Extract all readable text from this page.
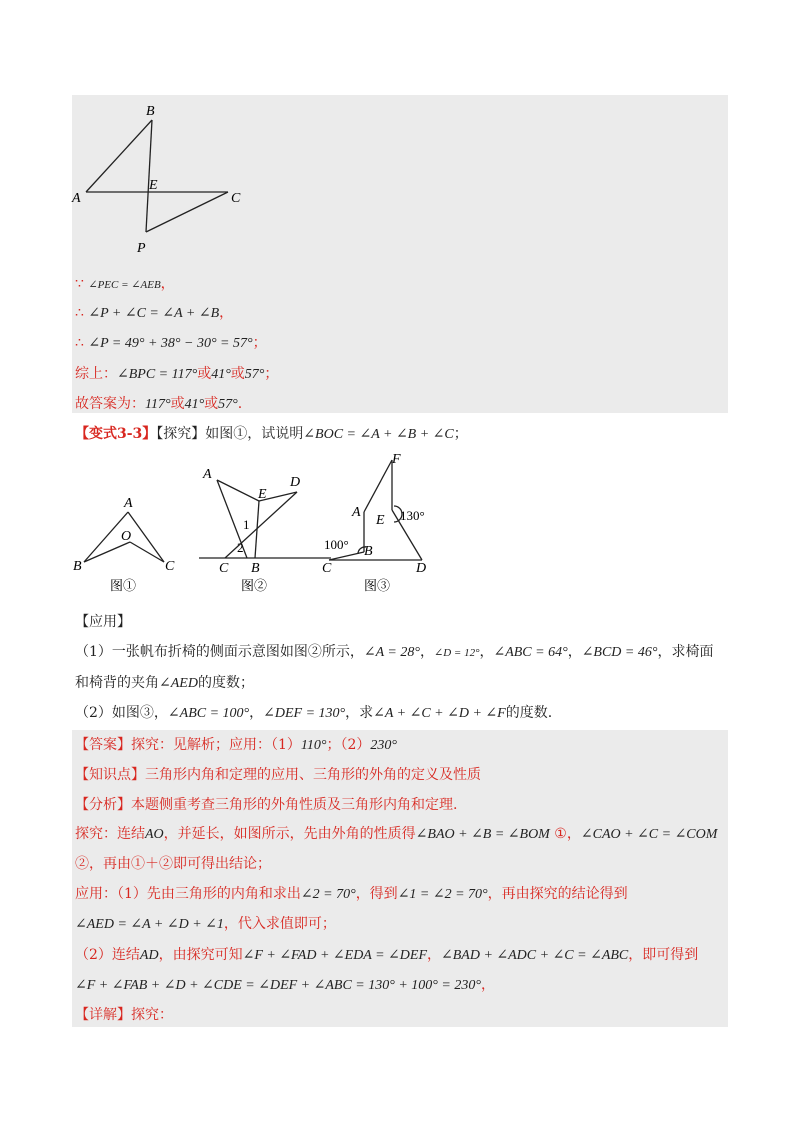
B
A
E
C
P
∵ ∠PEC = ∠AEB，
∴ ∠P + ∠C = ∠A + ∠B，
∴ ∠P = 49° + 38° − 30° = 57°；
综上：∠BPC = 117°或41°或57°；
故答案为：117°或41°或57°.
【变式3-3】【探究】如图①，试说明∠BOC = ∠A + ∠B + ∠C；
A
O
B	C
图①
A
E
D
1
2
C B
图②
F
A
E 130°
100° B
C	D
图③
【应用】
（1）一张帆布折椅的侧面示意图如图②所示，∠A = 28°，∠D = 12°，∠ABC = 64°，∠BCD = 46°，求椅面
和椅背的夹角∠AED的度数；
（2）如图③，∠ABC = 100°，∠DEF = 130°，求∠A + ∠C + ∠D + ∠F的度数.
【答案】探究：见解析；应用：（1）110°；（2）230°
【知识点】三角形内角和定理的应用、三角形的外角的定义及性质
【分析】本题侧重考查三角形的外角性质及三角形内角和定理.
探究：连结AO，并延长，如图所示，先由外角的性质得∠BAO + ∠B = ∠BOM ①，∠CAO + ∠C = ∠COM
②，再由①＋②即可得出结论；
应用：（1）先由三角形的内角和求出∠2 = 70°，得到∠1 = ∠2 = 70°，再由探究的结论得到
∠AED = ∠A + ∠D + ∠1，代入求值即可；
（2）连结AD，由探究可知∠F + ∠FAD + ∠EDA = ∠DEF，∠BAD + ∠ADC + ∠C = ∠ABC，即可得到
∠F + ∠FAB + ∠D + ∠CDE = ∠DEF + ∠ABC = 130° + 100° = 230°，
【详解】探究：
